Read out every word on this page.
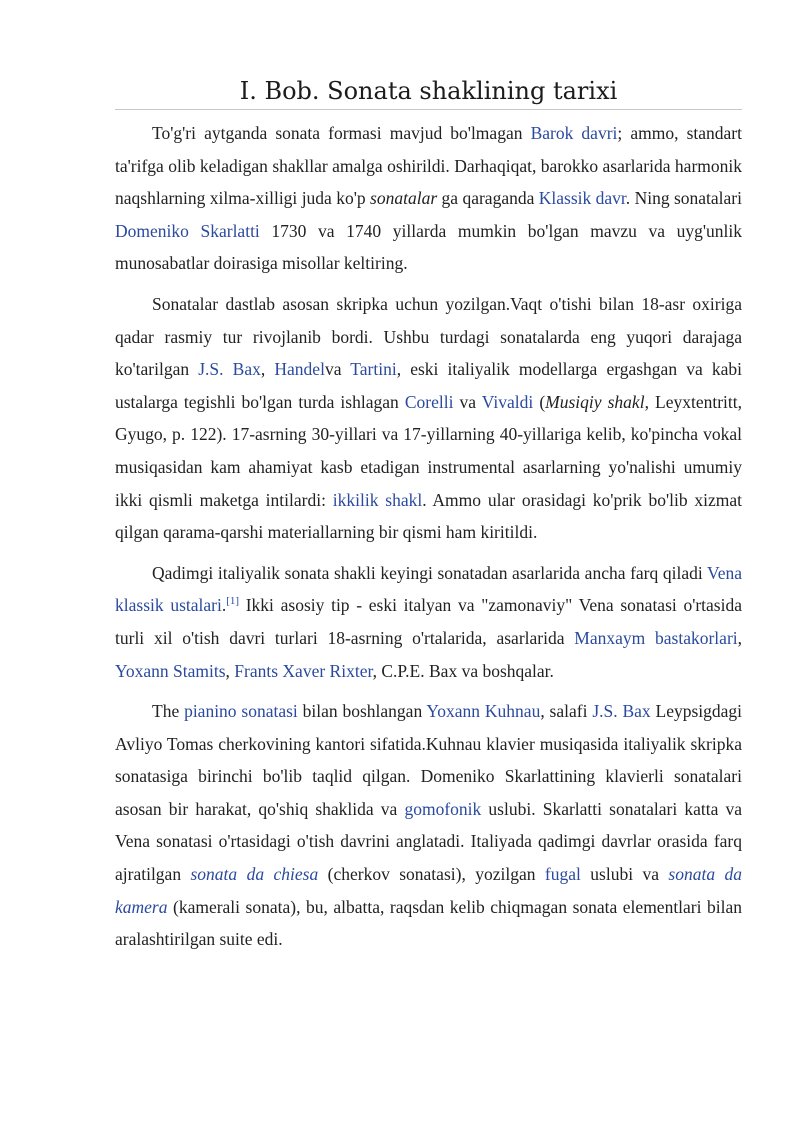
I. Bob. Sonata shaklining tarixi

To'g'ri aytganda sonata formasi mavjud bo'lmagan Barok davri; ammo, standart ta'rifga olib keladigan shakllar amalga oshirildi. Darhaqiqat, barokko asarlarida harmonik naqshlarning xilma-xilligi juda ko'p sonatalar ga qaraganda Klassik davr. Ning sonatalari Domeniko Skarlatti 1730 va 1740 yillarda mumkin bo'lgan mavzu va uyg'unlik munosabatlar doirasiga misollar keltiring.

Sonatalar dastlab asosan skripka uchun yozilgan.Vaqt o'tishi bilan 18-asr oxiriga qadar rasmiy tur rivojlanib bordi. Ushbu turdagi sonatalarda eng yuqori darajaga ko'tarilgan J.S. Bax, Handelva Tartini, eski italiyalik modellarga ergashgan va kabi ustalarga tegishli bo'lgan turda ishlagan Corelli va Vivaldi (Musiqiy shakl, Leyxtentritt, Gyugo, p. 122). 17-asrning 30-yillari va 17-yillarning 40-yillariga kelib, ko'pincha vokal musiqasidan kam ahamiyat kasb etadigan instrumental asarlarning yo'nalishi umumiy ikki qismli maketga intilardi: ikkilik shakl. Ammo ular orasidagi ko'prik bo'lib xizmat qilgan qarama-qarshi materiallarning bir qismi ham kiritildi.

Qadimgi italiyalik sonata shakli keyingi sonatadan asarlarida ancha farq qiladi Vena klassik ustalari.[1] Ikki asosiy tip - eski italyan va "zamonaviy" Vena sonatasi o'rtasida turli xil o'tish davri turlari 18-asrning o'rtalarida, asarlarida Manxaym bastakorlari, Yoxann Stamits, Frants Xaver Rixter, C.P.E. Bax va boshqalar.

The pianino sonatasi bilan boshlangan Yoxann Kuhnau, salafi J.S. Bax Leypsigdagi Avliyo Tomas cherkovining kantori sifatida.Kuhnau klavier musiqasida italiyalik skripka sonatasiga birinchi bo'lib taqlid qilgan. Domeniko Skarlattining klavierli sonatalari asosan bir harakat, qo'shiq shaklida va gomofonik uslubi. Skarlatti sonatalari katta va Vena sonatasi o'rtasidagi o'tish davrini anglatadi. Italiyada qadimgi davrlar orasida farq ajratilgan sonata da chiesa (cherkov sonatasi), yozilgan fugal uslubi va sonata da kamera (kamerali sonata), bu, albatta, raqsdan kelib chiqmagan sonata elementlari bilan aralashtirilgan suite edi.
